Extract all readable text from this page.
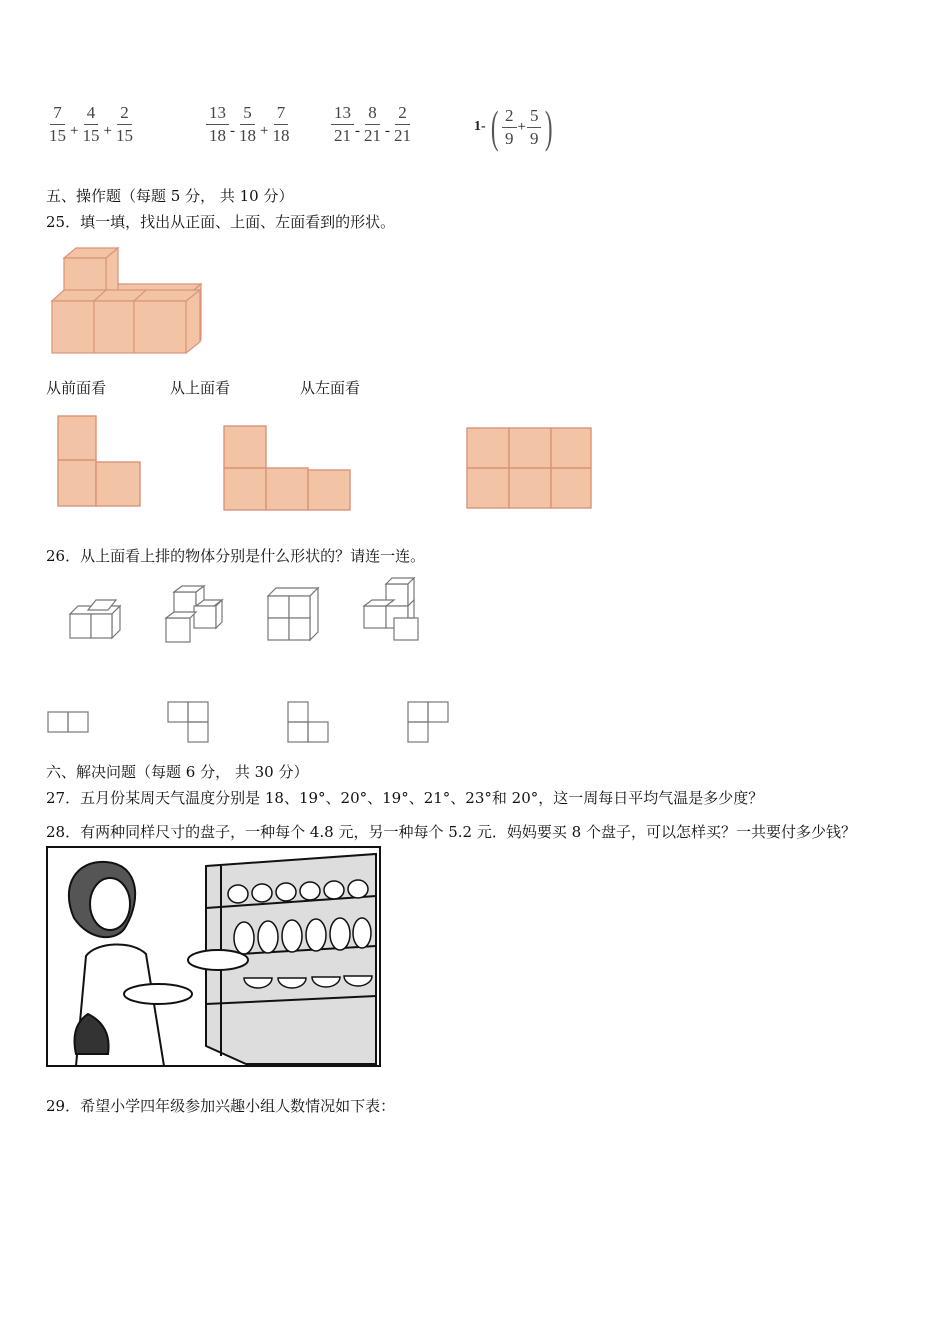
$\frac{7}{15} + \frac{4}{15} + \frac{2}{15}$	$\frac{13}{18} - \frac{5}{18} + \frac{7}{18} \frac{13}{21} - \frac{8}{21} - \frac{2}{21}$	1- ( $\frac{2}{9} + \frac{5}{9}$ )
五、操作题（每题 5 分， 共 10 分）
25．填一填，找出从正面、上面、左面看到的形状。
从前面看	从上面看	从左面看
26．从上面看上排的物体分别是什么形状的？请连一连。
六、解决问题（每题 6 分， 共 30 分）
27．五月份某周天气温度分别是 18、19°、20°、19°、21°、23°和 20°，这一周每日平均气温是多少度？
28．有两种同样尺寸的盘子，一种每个 4.8 元，另一种每个 5.2 元．妈妈要买 8 个盘子，可以怎样买？一共要付多少钱？
29．希望小学四年级参加兴趣小组人数情况如下表：
